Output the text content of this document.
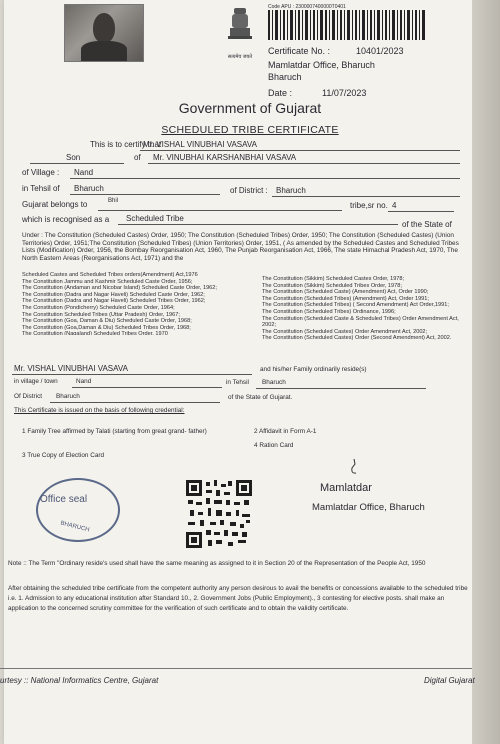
सत्यमेव जयते
Code APU : 2300007400000T0401
Certificate No. :	10401/2023
Mamlatdar Office, Bharuch
Bharuch
Date :	11/07/2023
Government of Gujarat
SCHEDULED TRIBE CERTIFICATE
This is to certify that
Mr. VISHAL VINUBHAI VASAVA
Son	of Mr. VINUBHAI KARSHANBHAI VASAVA
of Village : Nand
in Tehsil of Bharuch	of District : Bharuch
Gujarat belongs to	Bhil	tribe,sr no. 4
which is recognised as a Scheduled Tribe
of the State of
Under : The Constitution (Scheduled Castes) Order, 1950; The Constitution (Scheduled Tribes) Order, 1950; The Constitution (Scheduled Castes) (Union Territories) Order, 1951;The Constitution (Scheduled Tribes) (Union Territories) Order, 1951, ( As amended by the Scheduled Castes and Scheduled Tribes Lists (Modification) Order, 1956, the Bombay Reorganisation Act, 1960, The Punjab Reorganisation Act, 1966, The state Himachal Pradesh Act, 1970, The North Eastern Areas (Reorganisations Act, 1971) and the
Scheduled Castes and Scheduled Tribes orders(Amendment) Act,1976
The Constitution Jammu and Kashmir Scheduled Caste Order, 1956;
The Constitution (Andaman and Nicobar Island) Scheduled Caste Order, 1962;
The Constitution (Dadra and Nagar Haveli) Scheduled Caste Order, 1962;
The Constitution (Dadra and Nagar Haveli) Scheduled Tribes Order, 1962;
The Constitution (Pondicherry) Scheduled Caste Order, 1964;
The Constitution Scheduled Tribes (Uttar Pradesh) Order, 1967;
The Constitution (Goa, Daman & Diu) Scheduled Caste Order, 1968;
The Constitution (Goa,Daman & Diu) Scheduled Tribes Order, 1968;
The Constitution (Nagaland) Scheduled Tribes Order, 1970
The Constitution (Sikkim) Scheduled Castes Order, 1978;
The Constitution (Sikkim) Scheduled Tribes Order, 1978;
The Constitution (Scheduled Caste) (Amendment) Act, Order 1990;
The Constitution (Scheduled Tribes) (Amendment) Act, Order 1991;
The Constitution (Scheduled Tribes) ( Second Amendment) Act Order,1991;
The Constitution (Scheduled Tribes) Ordinance, 1996;
The Constitution (Scheduled Caste & Scheduled Tribes) Order Amendment Act, 2002;
The Constitution (Scheduled Castes) Order Amendment Act, 2002;
The Constitution (Scheduled Castes) Order (Second Amendment) Act, 2002.
Mr. VISHAL VINUBHAI VASAVA	and his/her Family ordinarily reside(s)
in village / town	Nand	in Tehsil Bharuch
Of District Bharuch	of the State of Gujarat.
This Certificate is issued on the basis of following credential:
1 Family Tree affirmed by Talati (starting from great grand- father)	2 Affidavit in Form A-1
3 True Copy of Election Card
4 Ration Card
Office seal
BHARUCH
Mamlatdar
Mamlatdar Office, Bharuch
Note :: The Term "Ordinary reside's used shall have the same meaning as assigned to it in Section 20 of the Representation of the People Act, 1950
After obtaining the scheduled tribe certificate from the competent authority any person desirous to avail the benefits or concessions available to the scheduled tribe i.e. 1. Admission to any educational institution after Standard 10., 2. Government Jobs (Public Employment)., 3 contesting for elective posts. shall make an application to the concerned scrutiny committee for the verification of such certificate and to obtain the validity certificate.
urtesy :: National Informatics Centre, Gujarat	Digital Gujarat
